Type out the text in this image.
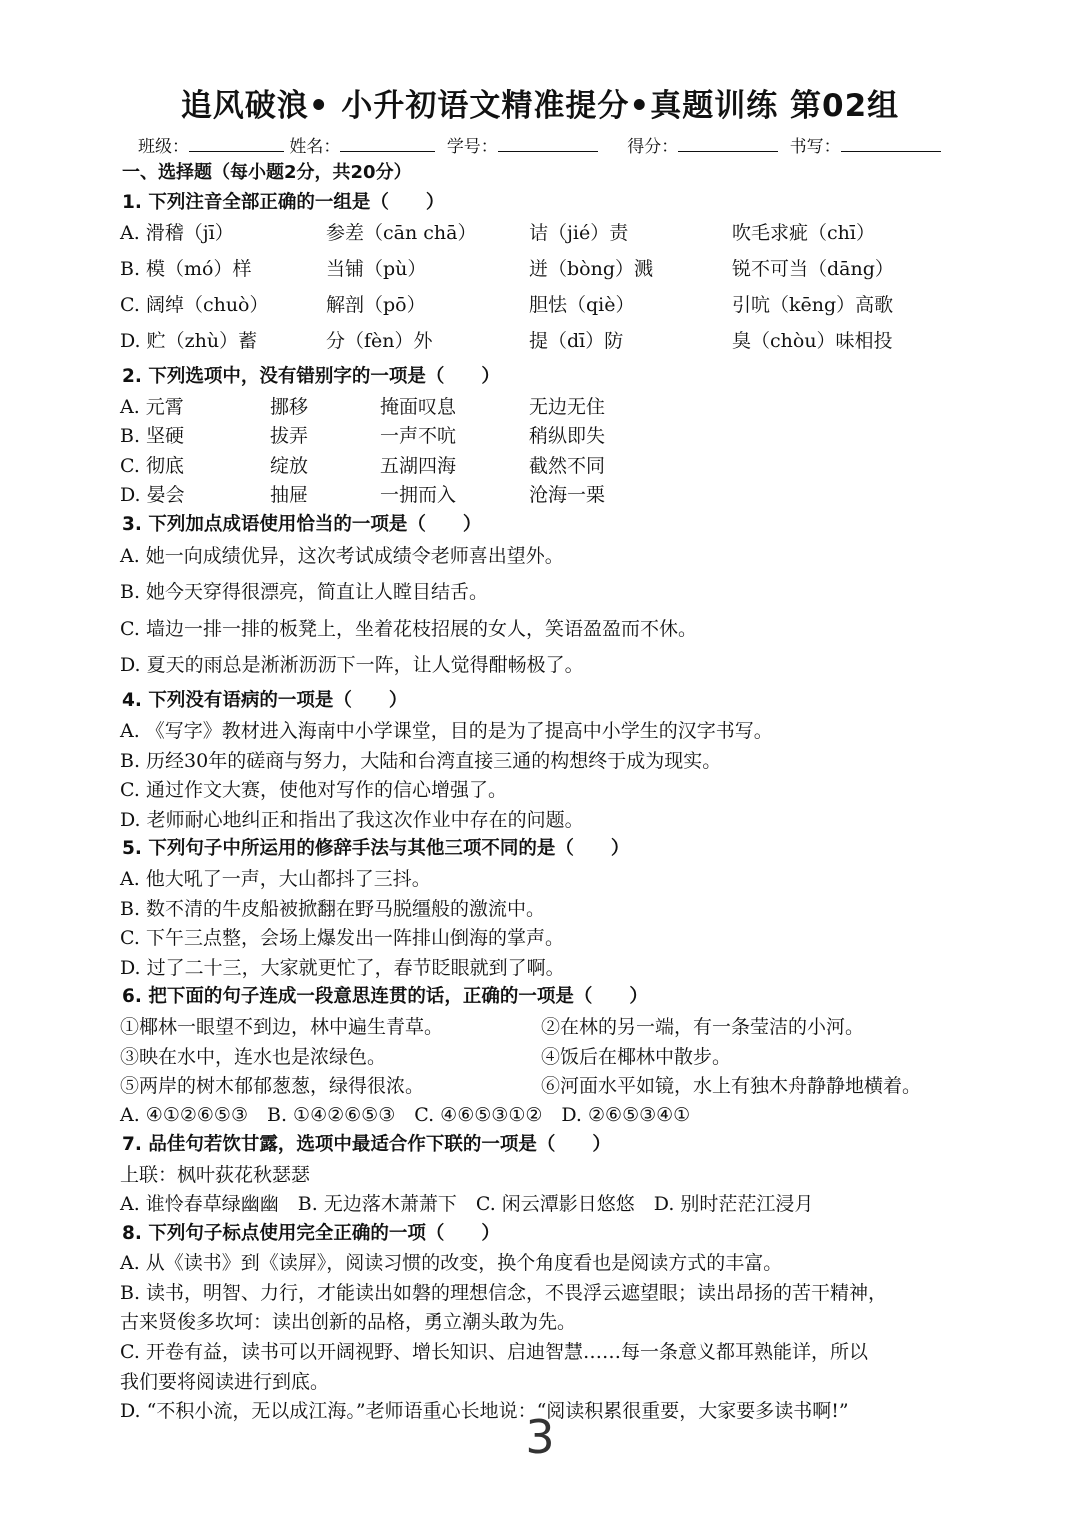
追风破浪• 小升初语文精准提分•真题训练 第02组
班级：	姓名：	学号：	得分：	书写：
一、选择题（每小题2分，共20分）
1. 下列注音全部正确的一组是（　　）
A. 滑稽（jī）	参差（cān chā）	诘（jié）责	吹毛求疵（chī）
B. 模（mó）样	当铺（pù）	迸（bòng）溅	锐不可当（dāng）
C. 阔绰（chuò）	解剖（pō）	胆怯（qiè）	引吭（kēng）高歌
D. 贮（zhù）蓄	分（fèn）外	提（dī）防	臭（chòu）味相投
2. 下列选项中，没有错别字的一项是（　　）
A. 元霄	挪移	掩面叹息	无边无住
B. 坚硬	拔弄	一声不吭	稍纵即失
C. 彻底	绽放	五湖四海	截然不同
D. 晏会	抽屉	一拥而入	沧海一栗
3. 下列加点成语使用恰当的一项是（　　）
A. 她一向成绩优异，这次考试成绩令老师喜出望外。
B. 她今天穿得很漂亮，简直让人瞠目结舌。
C. 墙边一排一排的板凳上，坐着花枝招展的女人，笑语盈盈而不休。
D. 夏天的雨总是淅淅沥沥下一阵，让人觉得酣畅极了。
4. 下列没有语病的一项是（　　）
A. 《写字》教材进入海南中小学课堂，目的是为了提高中小学生的汉字书写。
B. 历经30年的磋商与努力，大陆和台湾直接三通的构想终于成为现实。
C. 通过作文大赛，使他对写作的信心增强了。
D. 老师耐心地纠正和指出了我这次作业中存在的问题。
5. 下列句子中所运用的修辞手法与其他三项不同的是（　　）
A. 他大吼了一声，大山都抖了三抖。
B. 数不清的牛皮船被掀翻在野马脱缰般的激流中。
C. 下午三点整，会场上爆发出一阵排山倒海的掌声。
D. 过了二十三，大家就更忙了，春节眨眼就到了啊。
6. 把下面的句子连成一段意思连贯的话，正确的一项是（　　）
①椰林一眼望不到边，林中遍生青草。	②在林的另一端，有一条莹洁的小河。
③映在水中，连水也是浓绿色。	④饭后在椰林中散步。
⑤两岸的树木郁郁葱葱，绿得很浓。	⑥河面水平如镜，水上有独木舟静静地横着。
A. ④①②⑥⑤③　B. ①④②⑥⑤③　C. ④⑥⑤③①②　D. ②⑥⑤③④①
7. 品佳句若饮甘露，选项中最适合作下联的一项是（　　）
上联：枫叶荻花秋瑟瑟
A. 谁怜春草绿幽幽　B. 无边落木萧萧下　C. 闲云潭影日悠悠　D. 别时茫茫江浸月
8. 下列句子标点使用完全正确的一项（　　）
A. 从《读书》到《读屏》，阅读习惯的改变，换个角度看也是阅读方式的丰富。
B. 读书，明智、力行，才能读出如磐的理想信念，不畏浮云遮望眼；读出昂扬的苦干精神，
古来贤俊多坎坷：读出创新的品格，勇立潮头敢为先。
C. 开卷有益，读书可以开阔视野、增长知识、启迪智慧……每一条意义都耳熟能详，所以
我们要将阅读进行到底。
D. “不积小流，无以成江海。”老师语重心长地说：“阅读积累很重要，大家要多读书啊!”
3
